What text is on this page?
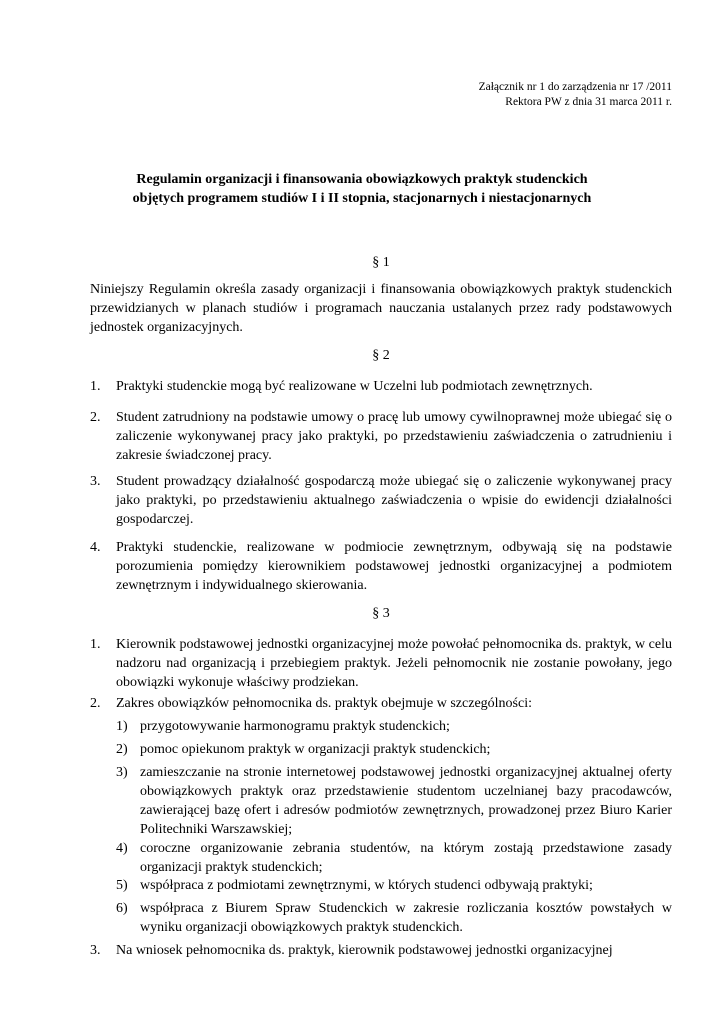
Załącznik nr 1 do zarządzenia nr 17 /2011
Rektora PW z dnia 31 marca 2011 r.
Regulamin organizacji i finansowania obowiązkowych praktyk studenckich
objętych programem studiów I i II stopnia, stacjonarnych i niestacjonarnych
§ 1
Niniejszy Regulamin określa zasady organizacji i finansowania obowiązkowych praktyk studenckich przewidzianych w planach studiów i programach nauczania ustalanych przez rady podstawowych jednostek organizacyjnych.
§ 2
1. Praktyki studenckie mogą być realizowane w Uczelni lub podmiotach zewnętrznych.
2. Student zatrudniony na podstawie umowy o pracę lub umowy cywilnoprawnej może ubiegać się o zaliczenie wykonywanej pracy jako praktyki, po przedstawieniu zaświadczenia o zatrudnieniu i zakresie świadczonej pracy.
3. Student prowadzący działalność gospodarczą może ubiegać się o zaliczenie wykonywanej pracy jako praktyki, po przedstawieniu aktualnego zaświadczenia o wpisie do ewidencji działalności gospodarczej.
4. Praktyki studenckie, realizowane w podmiocie zewnętrznym, odbywają się na podstawie porozumienia pomiędzy kierownikiem podstawowej jednostki organizacyjnej a podmiotem zewnętrznym i indywidualnego skierowania.
§ 3
1. Kierownik podstawowej jednostki organizacyjnej może powołać pełnomocnika ds. praktyk, w celu nadzoru nad organizacją i przebiegiem praktyk. Jeżeli pełnomocnik nie zostanie powołany, jego obowiązki wykonuje właściwy prodziekan.
2. Zakres obowiązków pełnomocnika ds. praktyk obejmuje w szczególności:
1) przygotowywanie harmonogramu praktyk studenckich;
2) pomoc opiekunom praktyk w organizacji praktyk studenckich;
3) zamieszczanie na stronie internetowej podstawowej jednostki organizacyjnej aktualnej oferty obowiązkowych praktyk oraz przedstawienie studentom uczelnianej bazy pracodawców, zawierającej bazę ofert i adresów podmiotów zewnętrznych, prowadzonej przez Biuro Karier Politechniki Warszawskiej;
4) coroczne organizowanie zebrania studentów, na którym zostają przedstawione zasady organizacji praktyk studenckich;
5) współpraca z podmiotami zewnętrznymi, w których studenci odbywają praktyki;
6) współpraca z Biurem Spraw Studenckich w zakresie rozliczania kosztów powstałych w wyniku organizacji obowiązkowych praktyk studenckich.
3. Na wniosek pełnomocnika ds. praktyk, kierownik podstawowej jednostki organizacyjnej
